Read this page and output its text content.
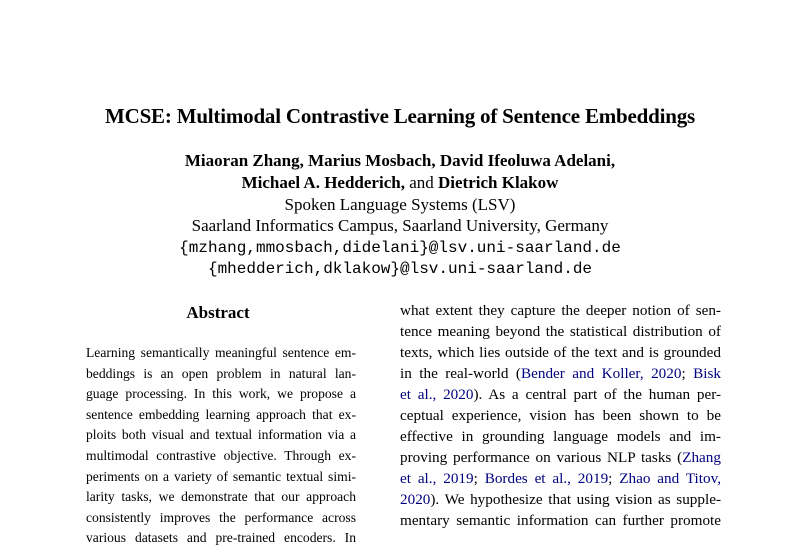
MCSE: Multimodal Contrastive Learning of Sentence Embeddings
Miaoran Zhang, Marius Mosbach, David Ifeoluwa Adelani,
Michael A. Hedderich, and Dietrich Klakow
Spoken Language Systems (LSV)
Saarland Informatics Campus, Saarland University, Germany
{mzhang,mmosbach,didelani}@lsv.uni-saarland.de
{mhedderich,dklakow}@lsv.uni-saarland.de
Abstract
Learning semantically meaningful sentence em-
beddings is an open problem in natural lan-
guage processing. In this work, we propose a
sentence embedding learning approach that ex-
ploits both visual and textual information via a
multimodal contrastive objective. Through ex-
periments on a variety of semantic textual simi-
larity tasks, we demonstrate that our approach
consistently improves the performance across
various datasets and pre-trained encoders. In
what extent they capture the deeper notion of sen-
tence meaning beyond the statistical distribution of
texts, which lies outside of the text and is grounded
in the real-world (Bender and Koller, 2020; Bisk
et al., 2020). As a central part of the human per-
ceptual experience, vision has been shown to be
effective in grounding language models and im-
proving performance on various NLP tasks (Zhang
et al., 2019; Bordes et al., 2019; Zhao and Titov,
2020). We hypothesize that using vision as supple-
mentary semantic information can further promote
